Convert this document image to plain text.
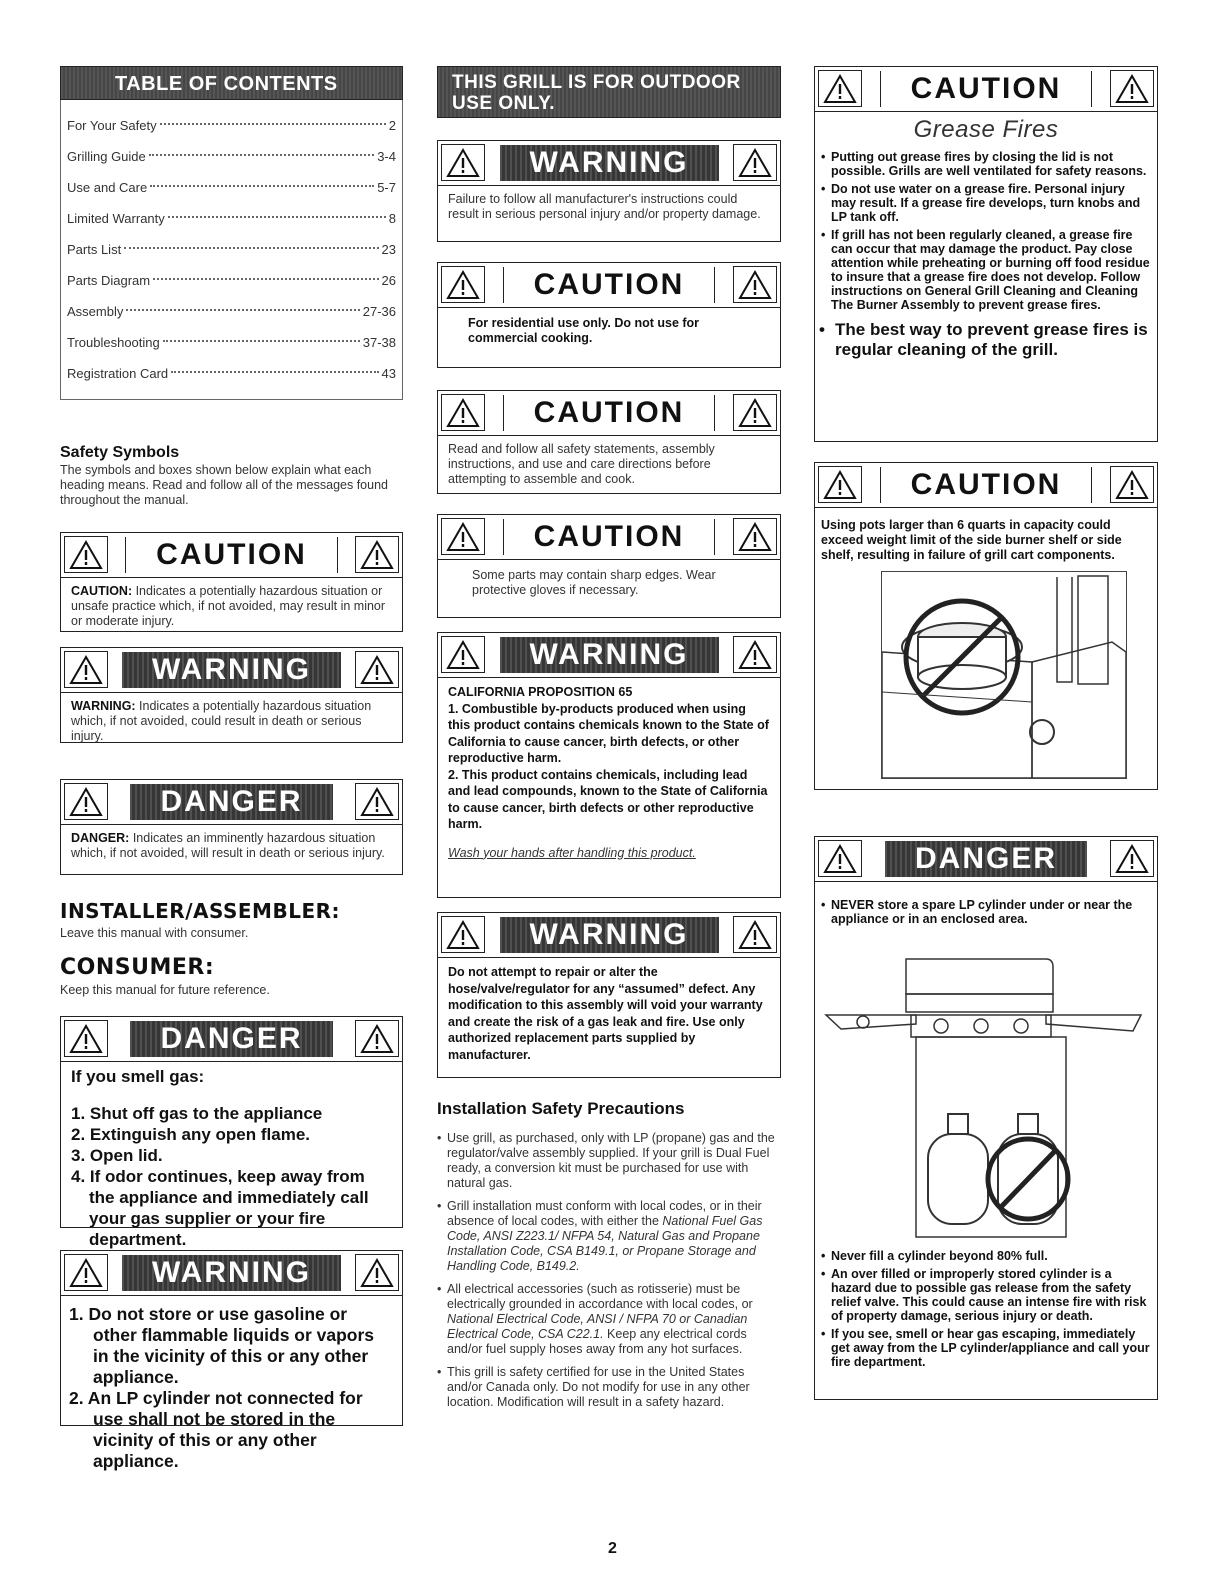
TABLE OF CONTENTS
For Your Safety	2
Grilling Guide	3-4
Use and Care	5-7
Limited Warranty	8
Parts List	23
Parts Diagram	26
Assembly	27-36
Troubleshooting	37-38
Registration Card	43
Safety Symbols
The symbols and boxes shown below explain what each heading means. Read and follow all of the messages found throughout the manual.
CAUTION
CAUTION: Indicates a potentially hazardous situation or unsafe practice which, if not avoided, may result in minor or moderate injury.
WARNING
WARNING: Indicates a potentially hazardous situation which, if not avoided, could result in death or serious injury.
DANGER
DANGER: Indicates an imminently hazardous situation which, if not avoided, will result in death or serious injury.
INSTALLER/ASSEMBLER:
Leave this manual with consumer.
CONSUMER:
Keep this manual for future reference.
DANGER
If you smell gas:
1. Shut off gas to the appliance
2. Extinguish any open flame.
3. Open lid.
4. If odor continues, keep away from the appliance and immediately call your gas supplier or your fire department.
WARNING
1. Do not store or use gasoline or other flammable liquids or vapors in the vicinity of this or any other appliance.
2. An LP cylinder not connected for use shall not be stored in the vicinity of this or any other appliance.
THIS GRILL IS FOR OUTDOOR USE ONLY.
WARNING
Failure to follow all manufacturer's instructions could result in serious personal injury and/or property damage.
CAUTION
For residential use only. Do not use for commercial cooking.
CAUTION
Read and follow all safety statements, assembly instructions, and use and care directions before attempting to assemble and cook.
CAUTION
Some parts may contain sharp edges. Wear protective gloves if necessary.
WARNING
CALIFORNIA PROPOSITION 65
1. Combustible by-products produced when using this product contains chemicals known to the State of California to cause cancer, birth defects, or other reproductive harm.
2. This product contains chemicals, including lead and lead compounds, known to the State of California to cause cancer, birth defects or other reproductive harm.
Wash your hands after handling this product.
WARNING
Do not attempt to repair or alter the hose/valve/regulator for any “assumed” defect. Any modification to this assembly will void your warranty and create the risk of a gas leak and fire. Use only authorized replacement parts supplied by manufacturer.
Installation Safety Precautions
• Use grill, as purchased, only with LP (propane) gas and the regulator/valve assembly supplied. If your grill is Dual Fuel ready, a conversion kit must be purchased for use with natural gas.
• Grill installation must conform with local codes, or in their absence of local codes, with either the National Fuel Gas Code, ANSI Z223.1/ NFPA 54, Natural Gas and Propane Installation Code, CSA B149.1, or Propane Storage and Handling Code, B149.2.
• All electrical accessories (such as rotisserie) must be electrically grounded in accordance with local codes, or National Electrical Code, ANSI / NFPA 70 or Canadian Electrical Code, CSA C22.1. Keep any electrical cords and/or fuel supply hoses away from any hot surfaces.
• This grill is safety certified for use in the United States and/or Canada only. Do not modify for use in any other location. Modification will result in a safety hazard.
CAUTION
Grease Fires
• Putting out grease fires by closing the lid is not possible. Grills are well ventilated for safety reasons.
• Do not use water on a grease fire. Personal injury may result. If a grease fire develops, turn knobs and LP tank off.
• If grill has not been regularly cleaned, a grease fire can occur that may damage the product. Pay close attention while preheating or burning off food residue to insure that a grease fire does not develop. Follow instructions on General Grill Cleaning and Cleaning The Burner Assembly to prevent grease fires.
• The best way to prevent grease fires is regular cleaning of the grill.
CAUTION
Using pots larger than 6 quarts in capacity could exceed weight limit of the side burner shelf or side shelf, resulting in failure of grill cart components.
DANGER
• NEVER store a spare LP cylinder under or near the appliance or in an enclosed area.
• Never fill a cylinder beyond 80% full.
• An over filled or improperly stored cylinder is a hazard due to possible gas release from the safety relief valve. This could cause an intense fire with risk of property damage, serious injury or death.
• If you see, smell or hear gas escaping, immediately get away from the LP cylinder/appliance and call your fire department.
2
